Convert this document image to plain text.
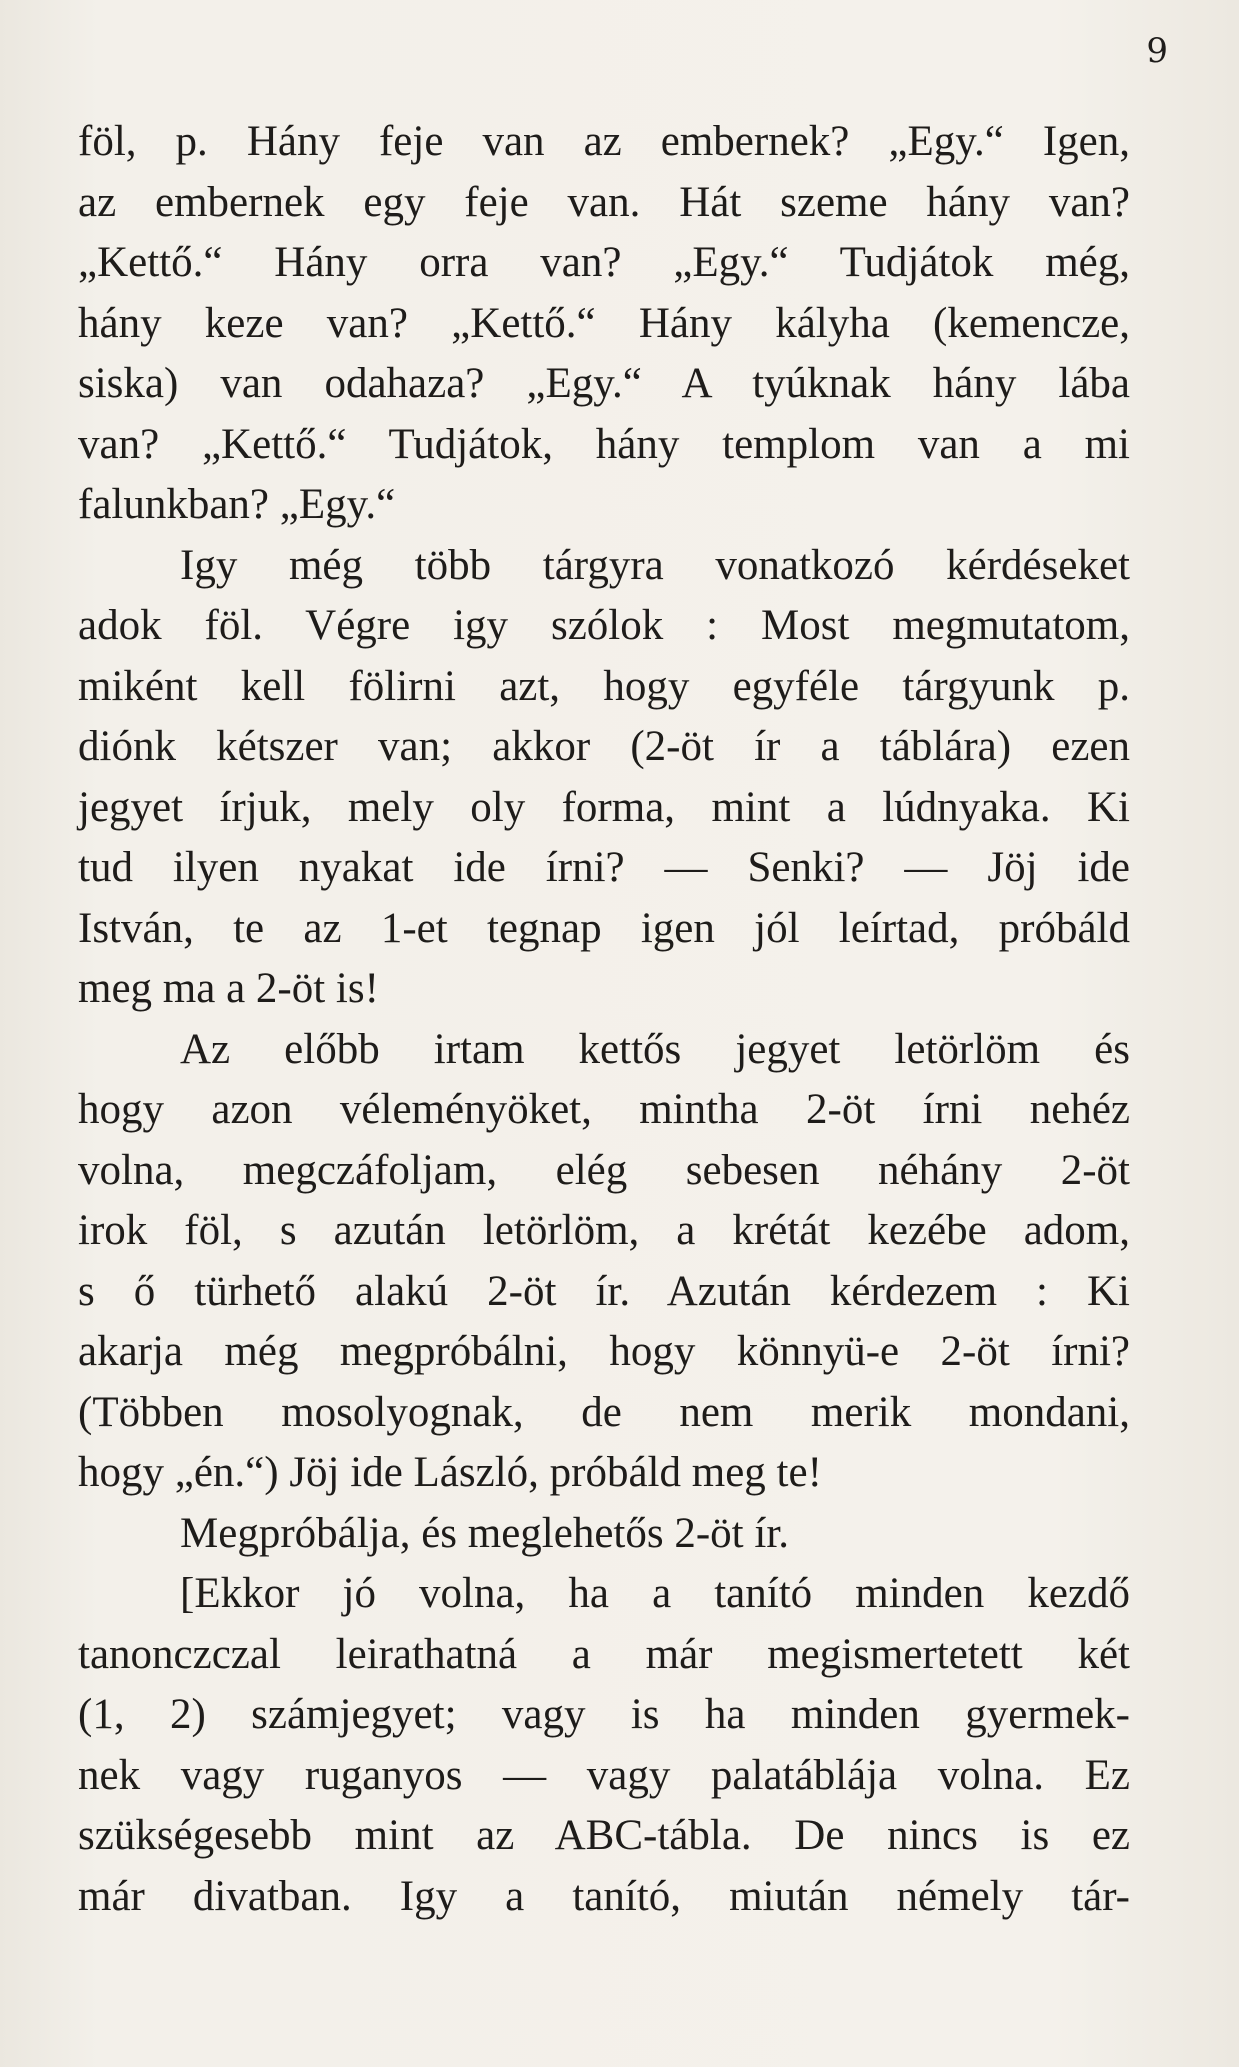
9
föl, p. Hány feje van az embernek? „Egy.“ Igen,
az embernek egy feje van. Hát szeme hány van?
„Kettő.“ Hány orra van? „Egy.“ Tudjátok még,
hány keze van? „Kettő.“ Hány kályha (kemencze,
siska) van odahaza? „Egy.“ A tyúknak hány lába
van? „Kettő.“ Tudjátok, hány templom van a mi
falunkban? „Egy.“
Igy még több tárgyra vonatkozó kérdéseket
adok föl. Végre igy szólok : Most megmutatom,
miként kell fölirni azt, hogy egyféle tárgyunk p.
diónk kétszer van; akkor (2-öt ír a táblára) ezen
jegyet írjuk, mely oly forma, mint a lúdnyaka. Ki
tud ilyen nyakat ide írni? — Senki? — Jöj ide
István, te az 1-et tegnap igen jól leírtad, próbáld
meg ma a 2-öt is!
Az előbb irtam kettős jegyet letörlöm és
hogy azon véleményöket, mintha 2-öt írni nehéz
volna, megczáfoljam, elég sebesen néhány 2-öt
irok föl, s azután letörlöm, a krétát kezébe adom,
s ő türhető alakú 2-öt ír. Azután kérdezem : Ki
akarja még megpróbálni, hogy könnyü-e 2-öt írni?
(Többen mosolyognak, de nem merik mondani,
hogy „én.“) Jöj ide László, próbáld meg te!
Megpróbálja, és meglehetős 2-öt ír.
[Ekkor jó volna, ha a tanító minden kezdő
tanonczczal leirathatná a már megismertetett két
(1, 2) számjegyet; vagy is ha minden gyermek-
nek vagy ruganyos — vagy palatáblája volna. Ez
szükségesebb mint az ABC-tábla. De nincs is ez
már divatban. Igy a tanító, miután némely tár-
